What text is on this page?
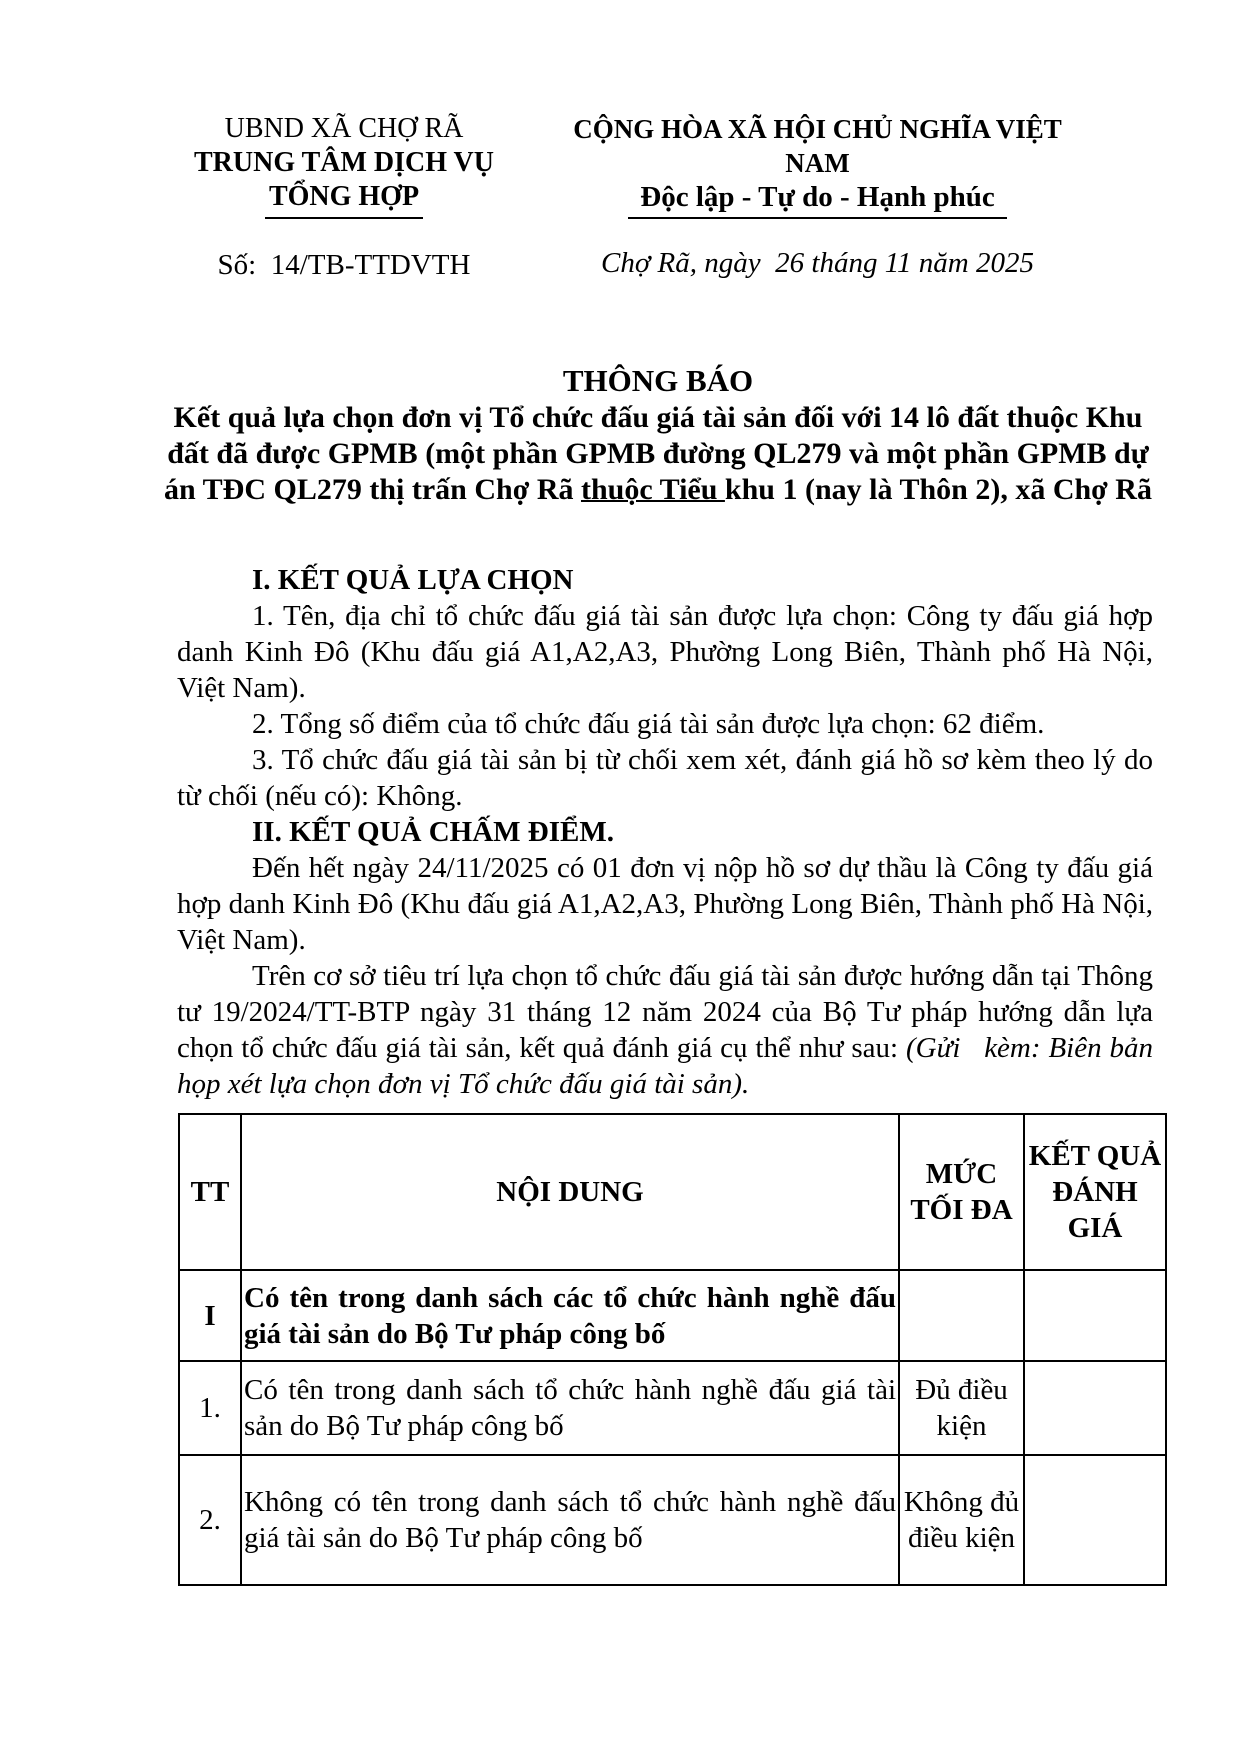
UBND XÃ CHỢ RÃ
TRUNG TÂM DỊCH VỤ
TỔNG HỢP
Số:  14/TB-TTDVTH
CỘNG HÒA XÃ HỘI CHỦ NGHĨA VIỆT NAM
Độc lập - Tự do - Hạnh phúc
Chợ Rã, ngày  26 tháng 11 năm 2025
THÔNG BÁO
Kết quả lựa chọn đơn vị Tổ chức đấu giá tài sản đối với 14 lô đất thuộc Khu
đất đã được GPMB (một phần GPMB đường QL279 và một phần GPMB dự
án TĐC QL279 thị trấn Chợ Rã thuộc Tiểu khu 1 (nay là Thôn 2), xã Chợ Rã

I. KẾT QUẢ LỰA CHỌN

1. Tên, địa chỉ tổ chức đấu giá tài sản được lựa chọn: Công ty đấu giá hợp danh Kinh Đô (Khu đấu giá A1,A2,A3, Phường Long Biên, Thành phố Hà Nội, Việt Nam).

2. Tổng số điểm của tổ chức đấu giá tài sản được lựa chọn: 62 điểm.

3. Tổ chức đấu giá tài sản bị từ chối xem xét, đánh giá hồ sơ kèm theo lý do từ chối (nếu có): Không.

II. KẾT QUẢ CHẤM ĐIỂM.

Đến hết ngày 24/11/2025 có 01 đơn vị nộp hồ sơ dự thầu là Công ty đấu giá hợp danh Kinh Đô (Khu đấu giá A1,A2,A3, Phường Long Biên, Thành phố Hà Nội, Việt Nam).

Trên cơ sở tiêu trí lựa chọn tổ chức đấu giá tài sản được hướng dẫn tại Thông tư 19/2024/TT-BTP ngày 31 tháng 12 năm 2024 của Bộ Tư pháp hướng dẫn lựa chọn tổ chức đấu giá tài sản, kết quả đánh giá cụ thể như sau: (Gửi   kèm: Biên bản họp xét lựa chọn đơn vị Tổ chức đấu giá tài sản).

TT	NỘI DUNG	MỨC TỐI ĐA	KẾT QUẢ ĐÁNH GIÁ
I	Có tên trong danh sách các tổ chức hành nghề đấu giá tài sản do Bộ Tư pháp công bố		
1.	Có tên trong danh sách tổ chức hành nghề đấu giá tài sản do Bộ Tư pháp công bố	Đủ điều kiện	
2.	Không có tên trong danh sách tổ chức hành nghề đấu giá tài sản do Bộ Tư pháp công bố	Không đủ điều kiện	
